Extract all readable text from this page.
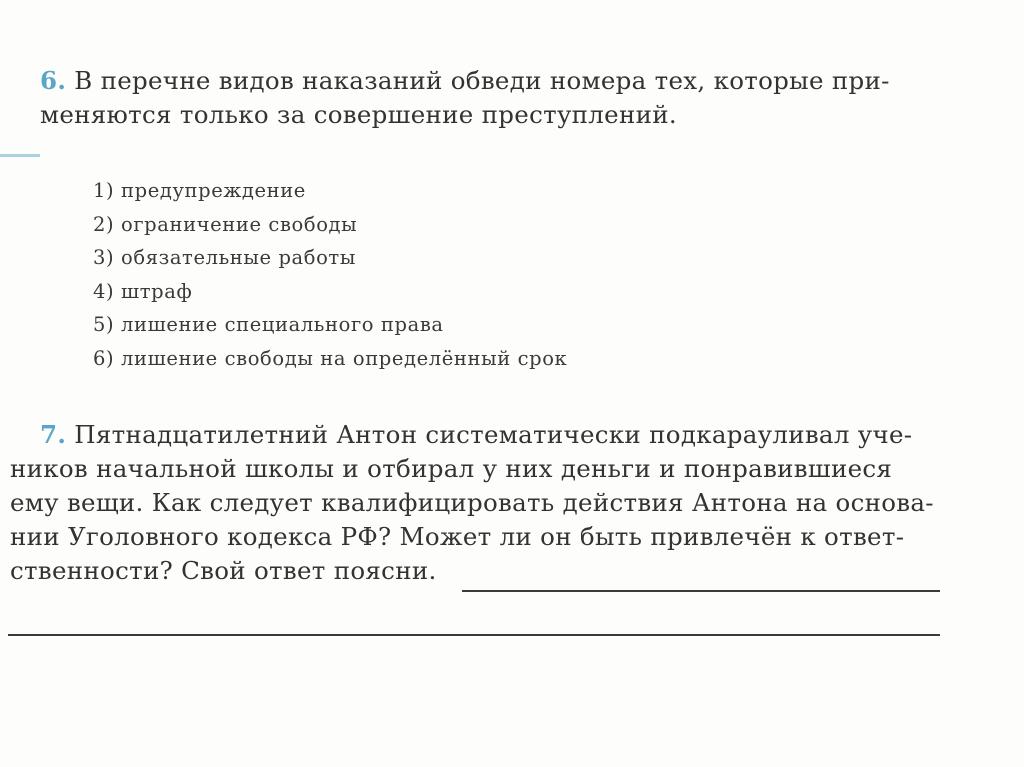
6. В перечне видов наказаний обведи номера тех, которые при-
меняются только за совершение преступлений.
1) предупреждение
2) ограничение свободы
3) обязательные работы
4) штраф
5) лишение специального права
6) лишение свободы на определённый срок
7. Пятнадцатилетний Антон систематически подкарауливал уче-
ников начальной школы и отбирал у них деньги и понравившиеся
ему вещи. Как следует квалифицировать действия Антона на основа-
нии Уголовного кодекса РФ? Может ли он быть привлечён к ответ-
ственности? Свой ответ поясни.
